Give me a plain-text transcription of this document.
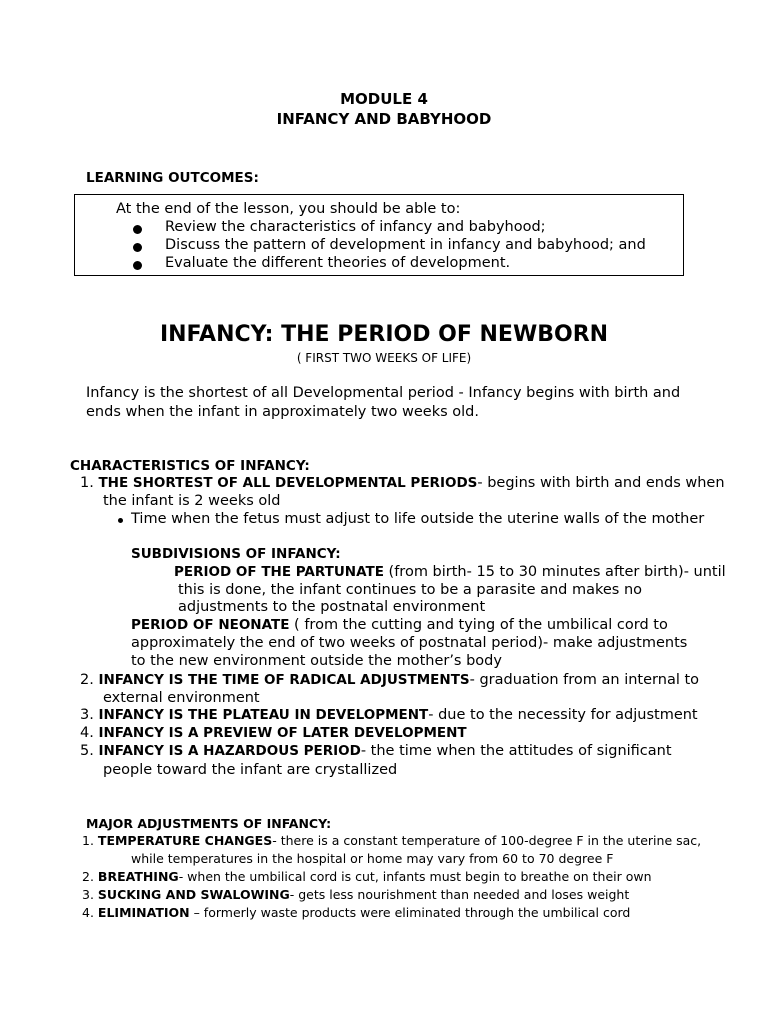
MODULE 4
INFANCY AND BABYHOOD
LEARNING OUTCOMES:
At the end of the lesson, you should be able to:
Review the characteristics of infancy and babyhood;
Discuss the pattern of development in infancy and babyhood; and
Evaluate the different theories of development.
INFANCY: THE PERIOD OF NEWBORN
( FIRST TWO WEEKS OF LIFE)
Infancy is the shortest of all Developmental period - Infancy begins with birth and
ends when the infant in approximately two weeks old.
CHARACTERISTICS OF INFANCY:
1. THE SHORTEST OF ALL DEVELOPMENTAL PERIODS- begins with birth and ends when
the infant is 2 weeks old
Time when the fetus must adjust to life outside the uterine walls of the mother
SUBDIVISIONS OF INFANCY:
PERIOD OF THE PARTUNATE (from birth- 15 to 30 minutes after birth)- until
this is done, the infant continues to be a parasite and makes no
adjustments to the postnatal environment
PERIOD OF NEONATE ( from the cutting and tying of the umbilical cord to
approximately the end of two weeks of postnatal period)- make adjustments
to the new environment outside the mother’s body
2. INFANCY IS THE TIME OF RADICAL ADJUSTMENTS- graduation from an internal to
external environment
3. INFANCY IS THE PLATEAU IN DEVELOPMENT- due to the necessity for adjustment
4. INFANCY IS A PREVIEW OF LATER DEVELOPMENT
5. INFANCY IS A HAZARDOUS PERIOD- the time when the attitudes of significant
people toward the infant are crystallized
MAJOR ADJUSTMENTS OF INFANCY:
1. TEMPERATURE CHANGES- there is a constant temperature of 100-degree F in the uterine sac,
while temperatures in the hospital or home may vary from 60 to 70 degree F
2. BREATHING- when the umbilical cord is cut, infants must begin to breathe on their own
3. SUCKING AND SWALOWING- gets less nourishment than needed and loses weight
4. ELIMINATION – formerly waste products were eliminated through the umbilical cord
